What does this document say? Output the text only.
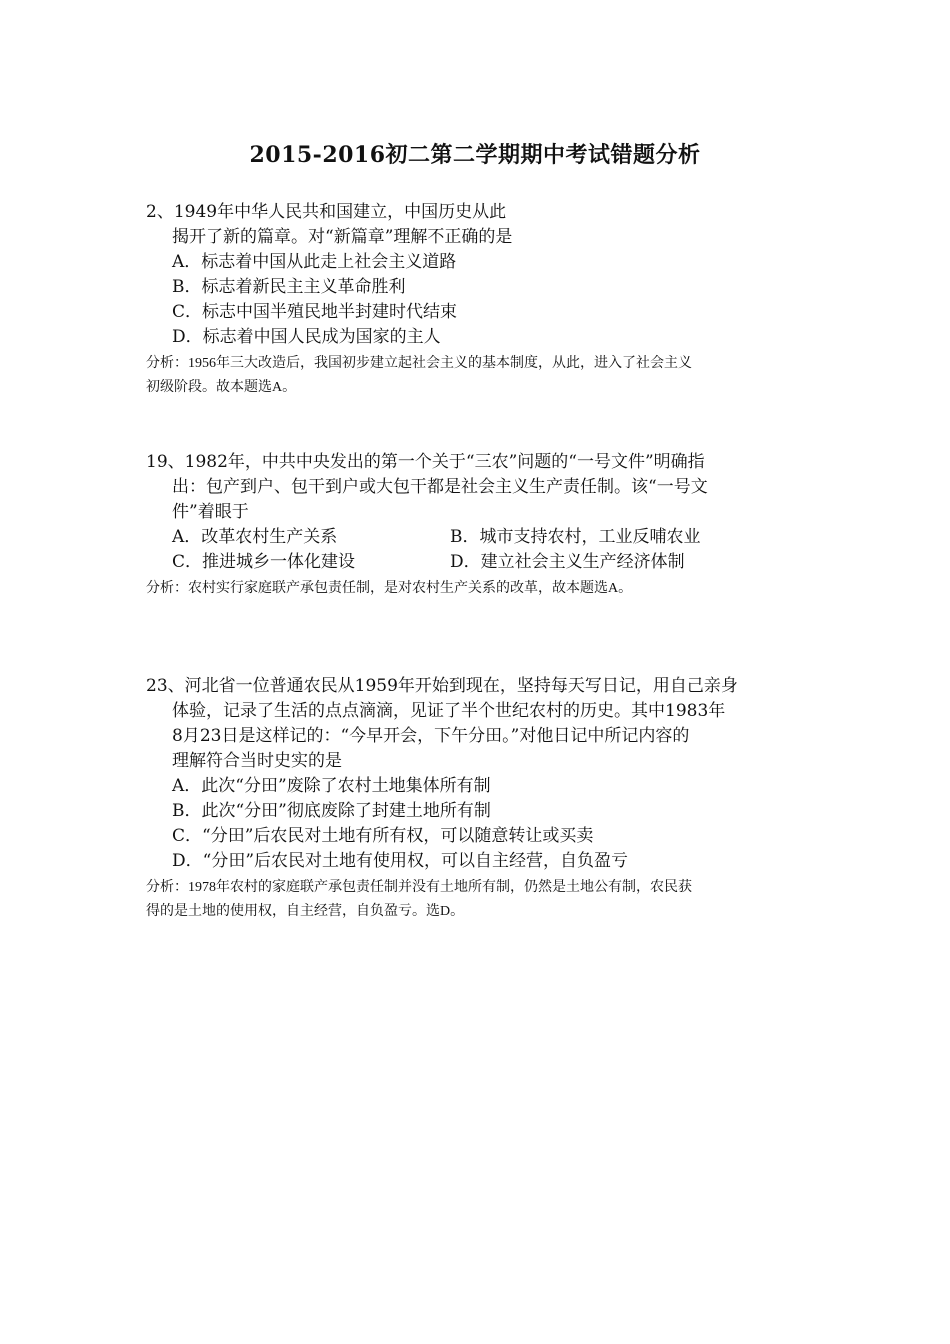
2015-2016初二第二学期期中考试错题分析
2、1949年中华人民共和国建立，中国历史从此
揭开了新的篇章。对“新篇章”理解不正确的是
A．标志着中国从此走上社会主义道路
B．标志着新民主主义革命胜利
C．标志中国半殖民地半封建时代结束
D．标志着中国人民成为国家的主人
分析：1956年三大改造后，我国初步建立起社会主义的基本制度，从此，进入了社会主义
初级阶段。故本题选A。
19、1982年，中共中央发出的第一个关于“三农”问题的“一号文件”明确指
出：包产到户、包干到户或大包干都是社会主义生产责任制。该“一号文
件”着眼于
A．改革农村生产关系	B．城市支持农村，工业反哺农业
C．推进城乡一体化建设	D．建立社会主义生产经济体制
分析：农村实行家庭联产承包责任制，是对农村生产关系的改革，故本题选A。
23、河北省一位普通农民从1959年开始到现在，坚持每天写日记，用自己亲身
体验，记录了生活的点点滴滴，见证了半个世纪农村的历史。其中1983年
8月23日是这样记的：“今早开会，下午分田。”对他日记中所记内容的
理解符合当时史实的是
A．此次“分田”废除了农村土地集体所有制
B．此次“分田”彻底废除了封建土地所有制
C．“分田”后农民对土地有所有权，可以随意转让或买卖
D．“分田”后农民对土地有使用权，可以自主经营，自负盈亏
分析：1978年农村的家庭联产承包责任制并没有土地所有制，仍然是土地公有制，农民获
得的是土地的使用权，自主经营，自负盈亏。选D。
